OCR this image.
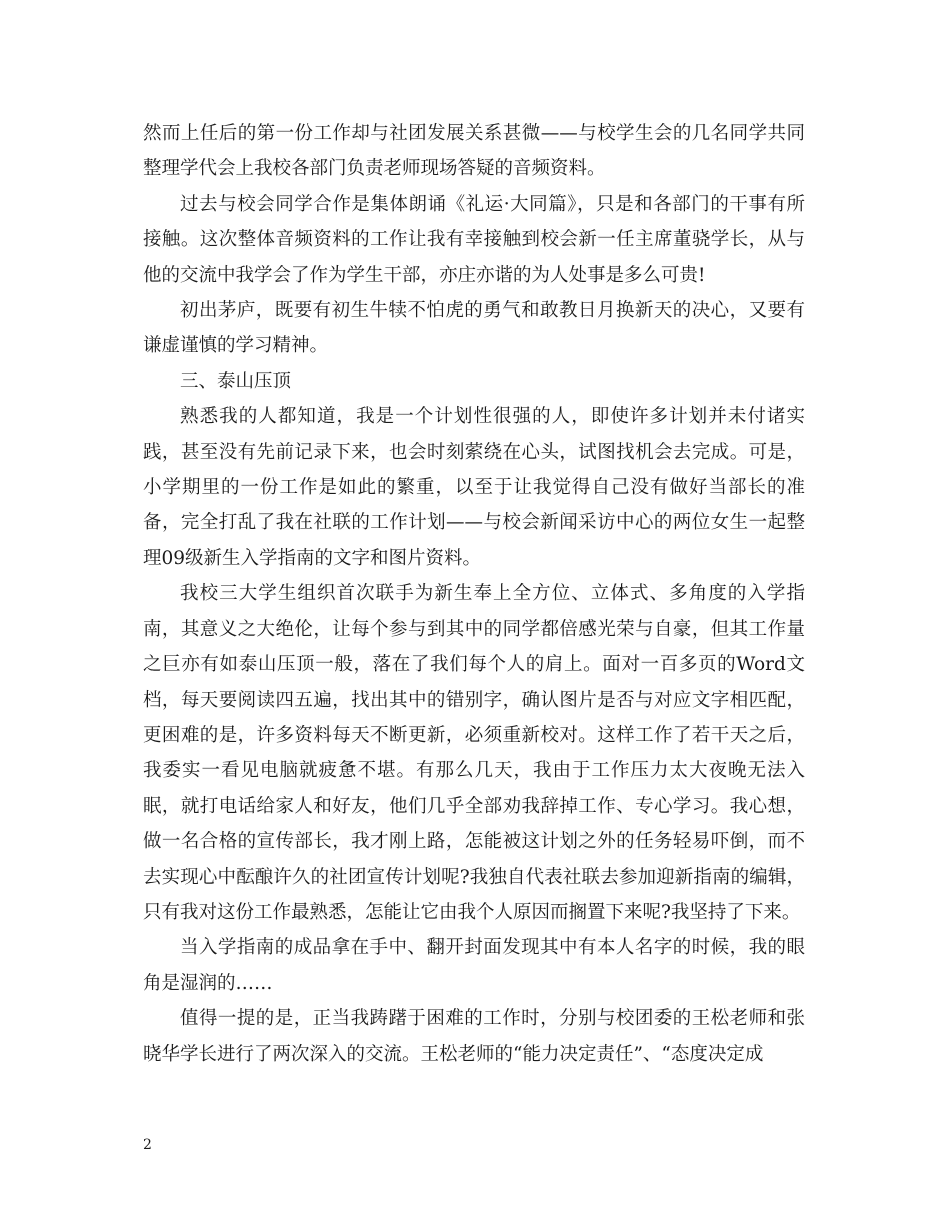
然而上任后的第一份工作却与社团发展关系甚微——与校学生会的几名同学共同整理学代会上我校各部门负责老师现场答疑的音频资料。

过去与校会同学合作是集体朗诵《礼运·大同篇》，只是和各部门的干事有所接触。这次整体音频资料的工作让我有幸接触到校会新一任主席董骁学长，从与他的交流中我学会了作为学生干部，亦庄亦谐的为人处事是多么可贵!

初出茅庐，既要有初生牛犊不怕虎的勇气和敢教日月换新天的决心，又要有谦虚谨慎的学习精神。

三、泰山压顶

熟悉我的人都知道，我是一个计划性很强的人，即使许多计划并未付诸实践，甚至没有先前记录下来，也会时刻萦绕在心头，试图找机会去完成。可是，小学期里的一份工作是如此的繁重，以至于让我觉得自己没有做好当部长的准备，完全打乱了我在社联的工作计划——与校会新闻采访中心的两位女生一起整理09级新生入学指南的文字和图片资料。

我校三大学生组织首次联手为新生奉上全方位、立体式、多角度的入学指南，其意义之大绝伦，让每个参与到其中的同学都倍感光荣与自豪，但其工作量之巨亦有如泰山压顶一般，落在了我们每个人的肩上。面对一百多页的Word文档，每天要阅读四五遍，找出其中的错别字，确认图片是否与对应文字相匹配，更困难的是，许多资料每天不断更新，必须重新校对。这样工作了若干天之后，我委实一看见电脑就疲惫不堪。有那么几天，我由于工作压力太大夜晚无法入眠，就打电话给家人和好友，他们几乎全部劝我辞掉工作、专心学习。我心想，做一名合格的宣传部长，我才刚上路，怎能被这计划之外的任务轻易吓倒，而不去实现心中酝酿许久的社团宣传计划呢?我独自代表社联去参加迎新指南的编辑，只有我对这份工作最熟悉，怎能让它由我个人原因而搁置下来呢?我坚持了下来。

当入学指南的成品拿在手中、翻开封面发现其中有本人名字的时候，我的眼角是湿润的……

值得一提的是，正当我踌躇于困难的工作时，分别与校团委的王松老师和张晓华学长进行了两次深入的交流。王松老师的“能力决定责任”、“态度决定成

2
